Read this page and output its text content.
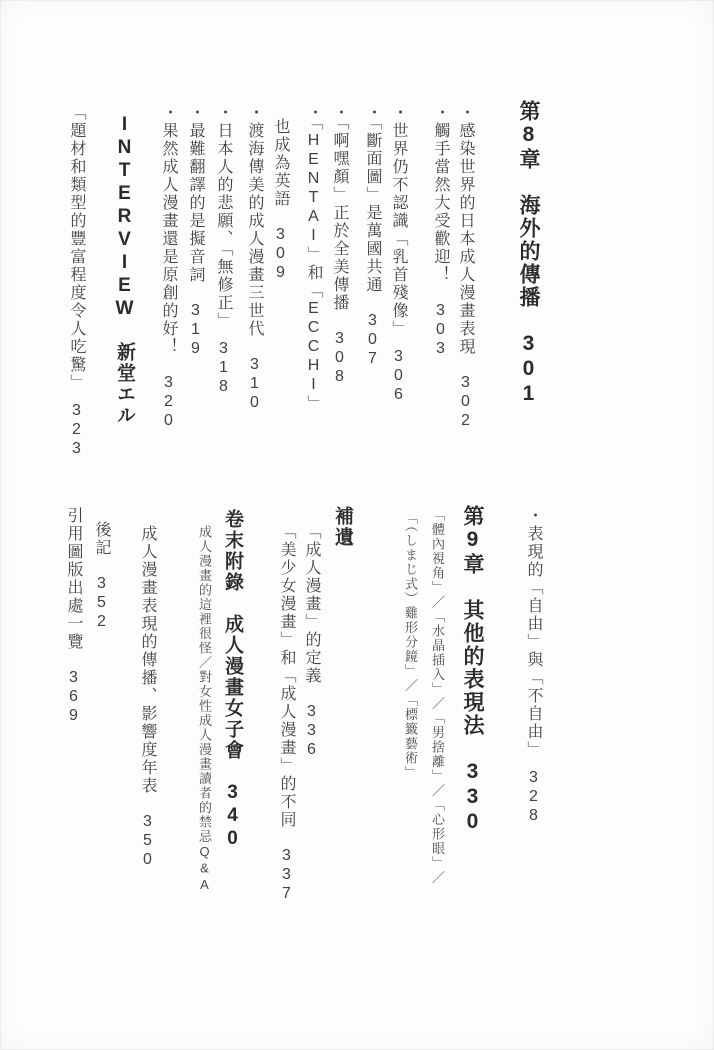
第8章　海外的傳播　301
・感染世界的日本成人漫畫表現　302
・觸手當然大受歡迎！　303
・世界仍不認識「乳首殘像」　306
・「斷面圖」是萬國共通　307
・「啊嘿顏」正於全美傳播　308
・「HENTAI」和「ECCHI」
也成為英語　309
・渡海傳美的成人漫畫三世代　310
・日本人的悲願、「無修正」　318
・最難翻譯的是擬音詞　319
・果然成人漫畫還是原創的好！　320
INTERVIEW　新堂エル
「題材和類型的豐富程度令人吃驚」　323
・表現的「自由」與「不自由」　328
第9章　其他的表現法　330
「體內視角」／「水晶插入」／「男捨離」／「心形眼」／
「（しまじ式）雞形分鏡」／「標籤藝術」
補遺
「成人漫畫」的定義　336
「美少女漫畫」和「成人漫畫」的不同　337
卷末附錄　成人漫畫女子會　340
成人漫畫的這裡很怪／對女性成人漫畫讀者的禁忌Q&A
成人漫畫表現的傳播、影響度年表　350
後記　352
引用圖版出處一覽　369
